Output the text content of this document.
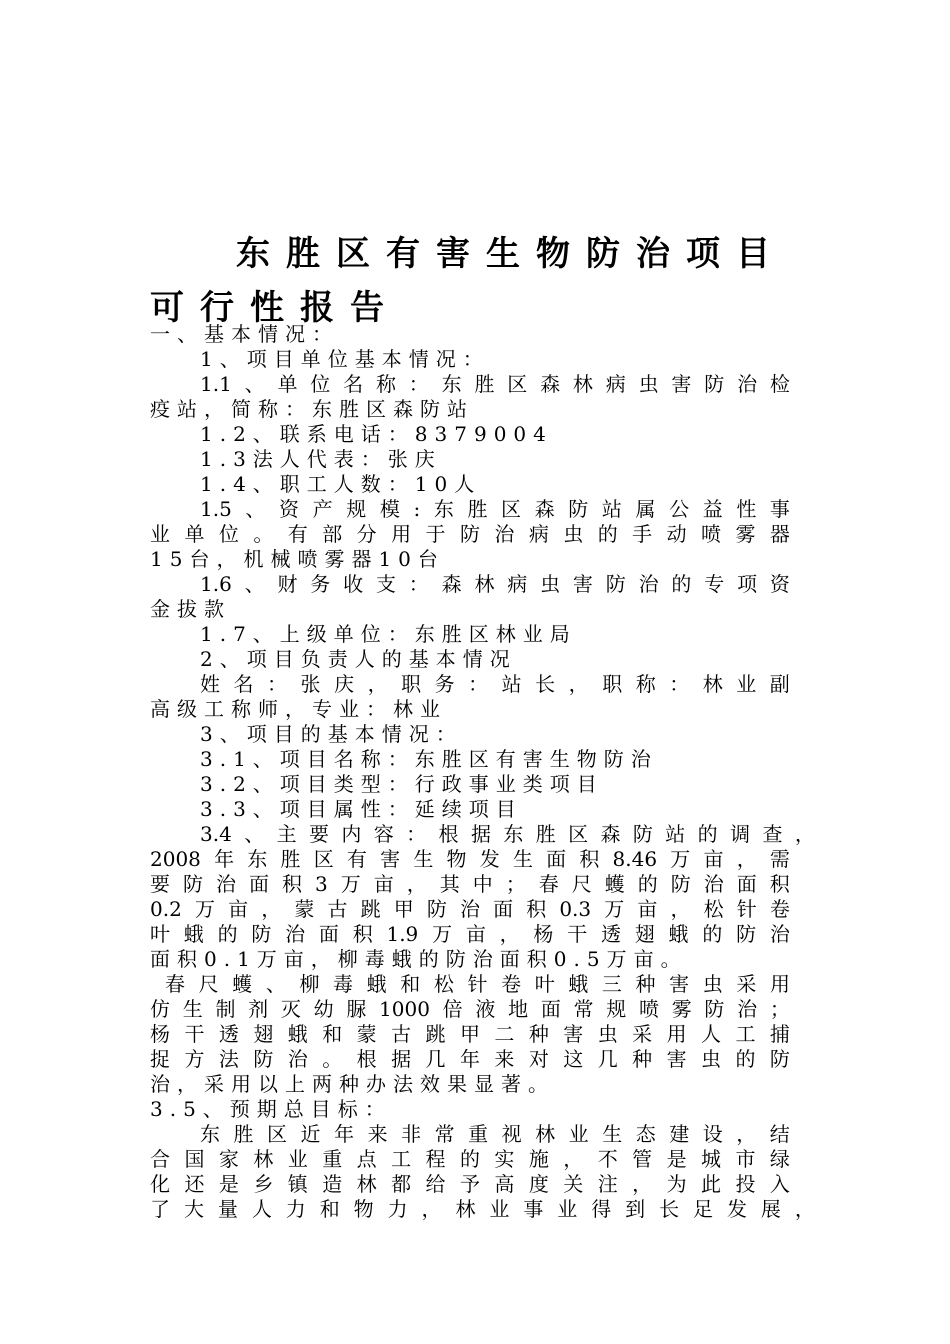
东胜区有害生物防治项目
可行性报告
一、基本情况：
1、项目单位基本情况：
1.1 、 单 位 名 称 ： 东 胜 区 森 林 病 虫 害 防 治 检
疫站，简称：东胜区森防站
1.2、联系电话：8379004
1.3法人代表：张庆
1.4、职工人数：10人
1.5 、 资 产 规 模 : 东 胜 区 森 防 站 属 公 益 性 事
业 单 位 。 有 部 分 用 于 防 治 病 虫 的 手 动 喷 雾 器
15台，机械喷雾器10台
1.6 、 财 务 收 支 ： 森 林 病 虫 害 防 治 的 专 项 资
金拔款
1.7、上级单位：东胜区林业局
2、项目负责人的基本情况
姓 名 ： 张 庆 ， 职 务 ： 站 长 ， 职 称 ： 林 业 副
高级工称师，专业：林业
3、项目的基本情况：
3.1、项目名称：东胜区有害生物防治
3.2、项目类型：行政事业类项目
3.3、项目属性：延续项目
3.4 、 主 要 内 容 ： 根 据 东 胜 区 森 防 站 的 调 查 ，
2008 年 东 胜 区 有 害 生 物 发 生 面 积 8.46 万 亩 ， 需
要 防 治 面 积 3 万 亩 ， 其 中 ； 春 尺 蠖 的 防 治 面 积
0.2 万 亩 ， 蒙 古 跳 甲 防 治 面 积 0.3 万 亩 ， 松 针 卷
叶 蛾 的 防 治 面 积 1.9 万 亩 ， 杨 干 透 翅 蛾 的 防 治
面积0.1万亩，柳毒蛾的防治面积0.5万亩。
春 尺 蠖 、 柳 毒 蛾 和 松 针 卷 叶 蛾 三 种 害 虫 采 用
仿 生 制 剂 灭 幼 脲 1000 倍 液 地 面 常 规 喷 雾 防 治 ；
杨 干 透 翅 蛾 和 蒙 古 跳 甲 二 种 害 虫 采 用 人 工 捕
捉 方 法 防 治 。 根 据 几 年 来 对 这 几 种 害 虫 的 防
治，采用以上两种办法效果显著。
3.5、预期总目标：
东 胜 区 近 年 来 非 常 重 视 林 业 生 态 建 设 ， 结
合 国 家 林 业 重 点 工 程 的 实 施 ， 不 管 是 城 市 绿
化 还 是 乡 镇 造 林 都 给 予 高 度 关 注 ， 为 此 投 入
了 大 量 人 力 和 物 力 ， 林 业 事 业 得 到 长 足 发 展 ，
